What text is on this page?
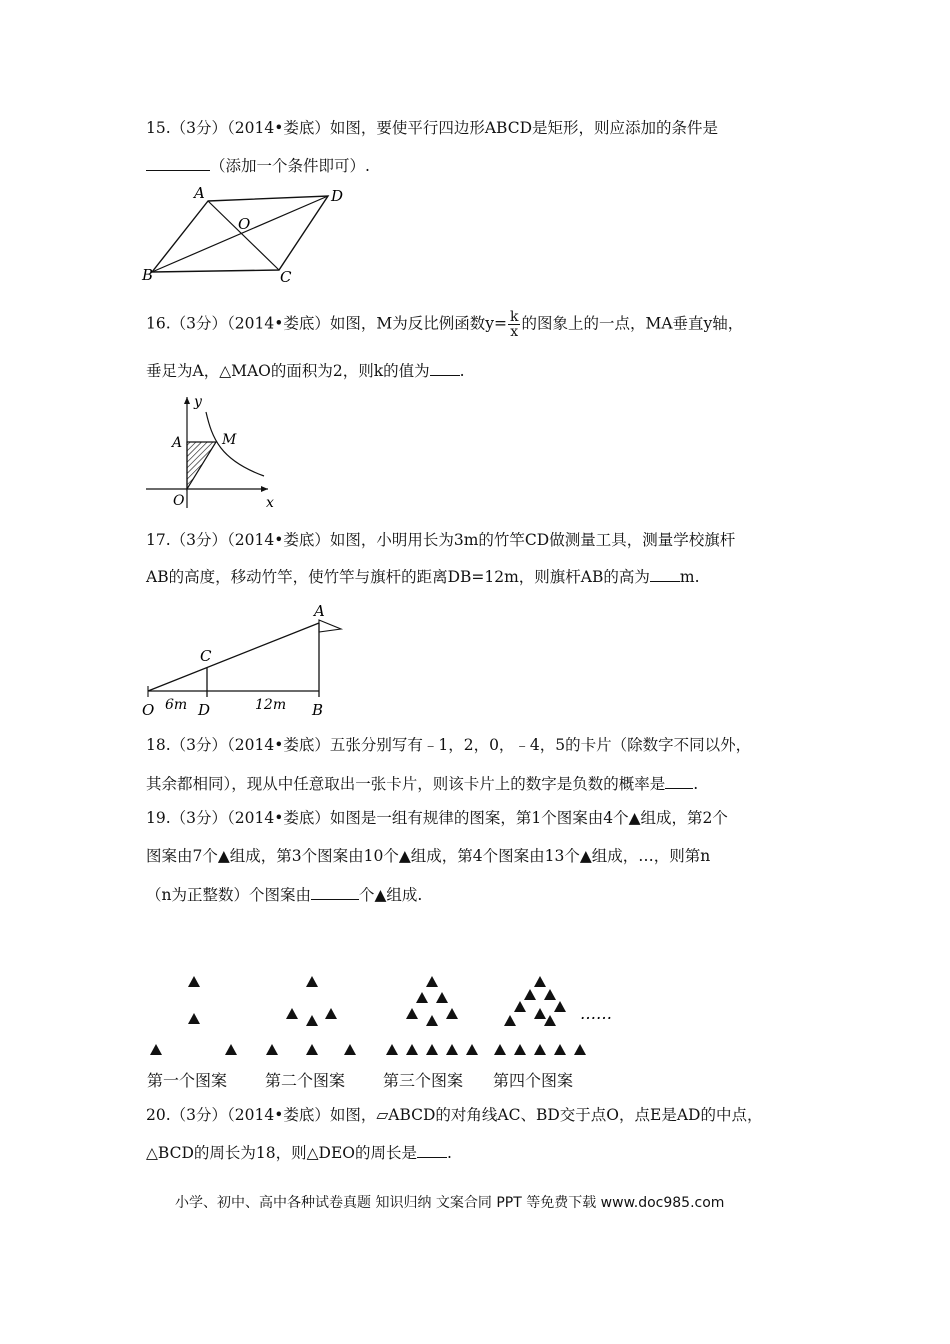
15.（3分）（2014•娄底）如图，要使平行四边形ABCD是矩形，则应添加的条件是
（添加一个条件即可）.
A	D
O
B	C
16.（3分）（2014•娄底）如图，M为反比例函数$y= \frac{k}{x}$ 的图象上的一点，MA垂直y轴，
垂足为A，△MAO的面积为2，则k的值为 .
y
x
A	M
O
17.（3分）（2014•娄底）如图，小明用长为3m的竹竿CD做测量工具，测量学校旗杆
AB的高度，移动竹竿，使竹竿与旗杆的距离DB=12m，则旗杆AB的高为 m.
A
C
O	D	B
6m	12m
18.（3分）（2014•娄底）五张分别写有﹣1，2，0，﹣4，5的卡片（除数字不同以外，
其余都相同），现从中任意取出一张卡片，则该卡片上的数字是负数的概率是 .
19.（3分）（2014•娄底）如图是一组有规律的图案，第1个图案由4个▲组成，第2个
图案由7个▲组成，第3个图案由10个▲组成，第4个图案由13个▲组成，…，则第n
（n为正整数）个图案由	个▲组成.
……
第一个图案 第二个图案 第三个图案 第四个图案
20.（3分）（2014•娄底）如图，▱ABCD的对角线AC、BD交于点O，点E是AD的中点，
△BCD的周长为18，则△DEO的周长是 .
小学、初中、高中各种试卷真题 知识归纳 文案合同 PPT 等免费下载 www.doc985.com
